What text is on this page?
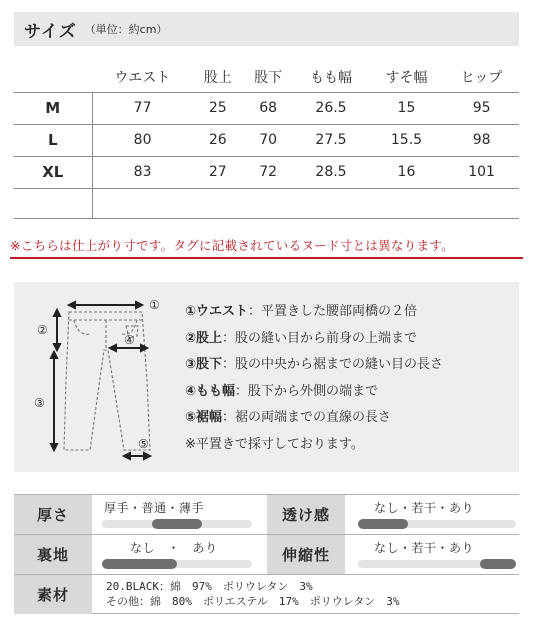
サイズ （単位：約cm）
	ウエスト	股上	股下	もも幅	すそ幅	ヒップ
M	77	25	68	26.5	15	95
L	80	26	70	27.5	15.5	98
XL	83	27	72	28.5	16	101

※こちらは仕上がり寸です。タグに記載されているヌード寸とは異なります。
①
②
③
④
⑤
①ウエスト：平置きした腰部両橋の２倍
②股上：股の縫い目から前身の上端まで
③股下：股の中央から裾までの縫い目の長さ
④もも幅：股下から外側の端まで
⑤裾幅：裾の両端までの直線の長さ
※平置きで採寸しております。
厚さ	厚手・普通・薄手	透け感	なし・若干・あり
裏地	なし　・　あり	伸縮性	なし・若干・あり
素材	20.BLACK：綿　97%　ポリウレタン　3%
その他：綿　80%　ポリエステル　17%　ポリウレタン　3%
